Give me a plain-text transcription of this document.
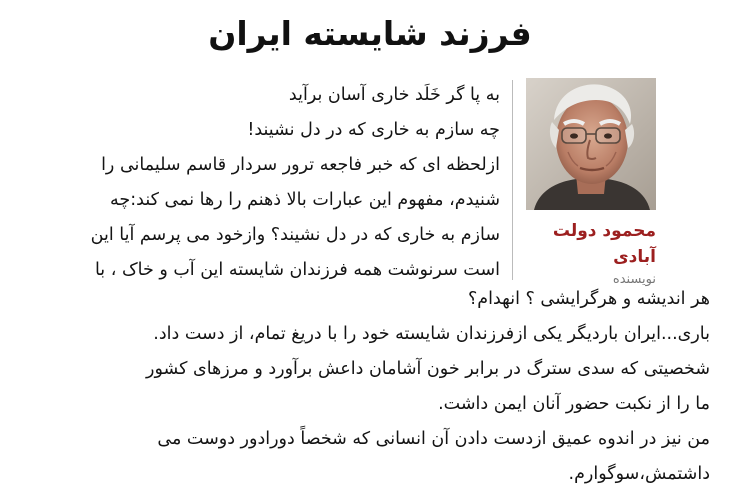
فرزند شایسته ایران
محمود دولت آبادی
نویسنده
به پا گر خَلَد خاری آسان برآید
چه سازم به خاری که در دل نشیند!
ازلحظه ای که خبر فاجعه ترور سردار قاسم سلیمانی را
شنیدم، مفهوم این عبارات بالا ذهنم را رها نمی کند:چه
سازم به خاری که در دل نشیند؟ وازخود می پرسم آیا این
است سرنوشت همه فرزندان شایسته این آب و خاک ، با
هر اندیشه و هرگرایشی ؟ انهدام؟
باری...ایران باردیگر یکی ازفرزندان شایسته خود را با دریغ تمام، از دست داد.
شخصیتی که سدی سترگ در برابر خون آشامان داعش برآورد و مرزهای کشور
ما را از نکبت حضور آنان ایمن داشت.
من نیز در اندوه عمیق ازدست دادن آن انسانی که شخصاً دورادور دوست می
داشتمش،سوگوارم.
